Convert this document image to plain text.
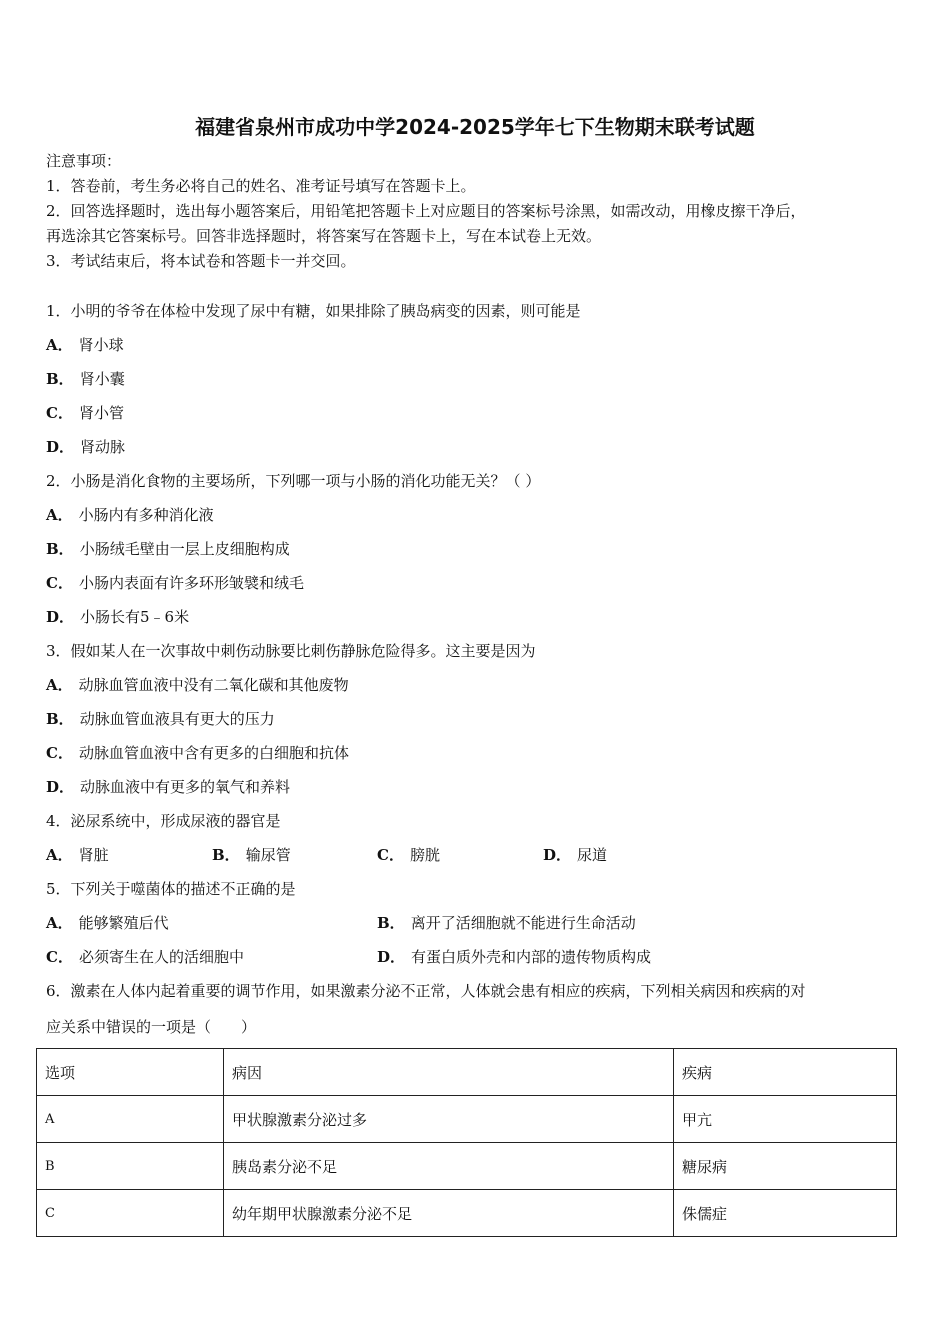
福建省泉州市成功中学2024-2025学年七下生物期末联考试题
注意事项：
1．答卷前，考生务必将自己的姓名、准考证号填写在答题卡上。
2．回答选择题时，选出每小题答案后，用铅笔把答题卡上对应题目的答案标号涂黑，如需改动，用橡皮擦干净后，
再选涂其它答案标号。回答非选择题时，将答案写在答题卡上，写在本试卷上无效。
3．考试结束后，将本试卷和答题卡一并交回。
1．小明的爷爷在体检中发现了尿中有糖，如果排除了胰岛病变的因素，则可能是
A． 肾小球
B． 肾小囊
C． 肾小管
D． 肾动脉
2．小肠是消化食物的主要场所，下列哪一项与小肠的消化功能无关？（ ）
A． 小肠内有多种消化液
B． 小肠绒毛壁由一层上皮细胞构成
C． 小肠内表面有许多环形皱襞和绒毛
D． 小肠长有5﹣6米
3．假如某人在一次事故中刺伤动脉要比刺伤静脉危险得多。这主要是因为
A． 动脉血管血液中没有二氧化碳和其他废物
B． 动脉血管血液具有更大的压力
C． 动脉血管血液中含有更多的白细胞和抗体
D． 动脉血液中有更多的氧气和养料
4．泌尿系统中，形成尿液的器官是
A． 肾脏	B． 输尿管	C． 膀胱	D． 尿道
5．下列关于噬菌体的描述不正确的是
A． 能够繁殖后代	B． 离开了活细胞就不能进行生命活动
C． 必须寄生在人的活细胞中	D． 有蛋白质外壳和内部的遗传物质构成
6．激素在人体内起着重要的调节作用，如果激素分泌不正常，人体就会患有相应的疾病，下列相关病因和疾病的对
应关系中错误的一项是（　　）
选项	病因	疾病
A	甲状腺激素分泌过多	甲亢
B	胰岛素分泌不足	糖尿病
C	幼年期甲状腺激素分泌不足	侏儒症
